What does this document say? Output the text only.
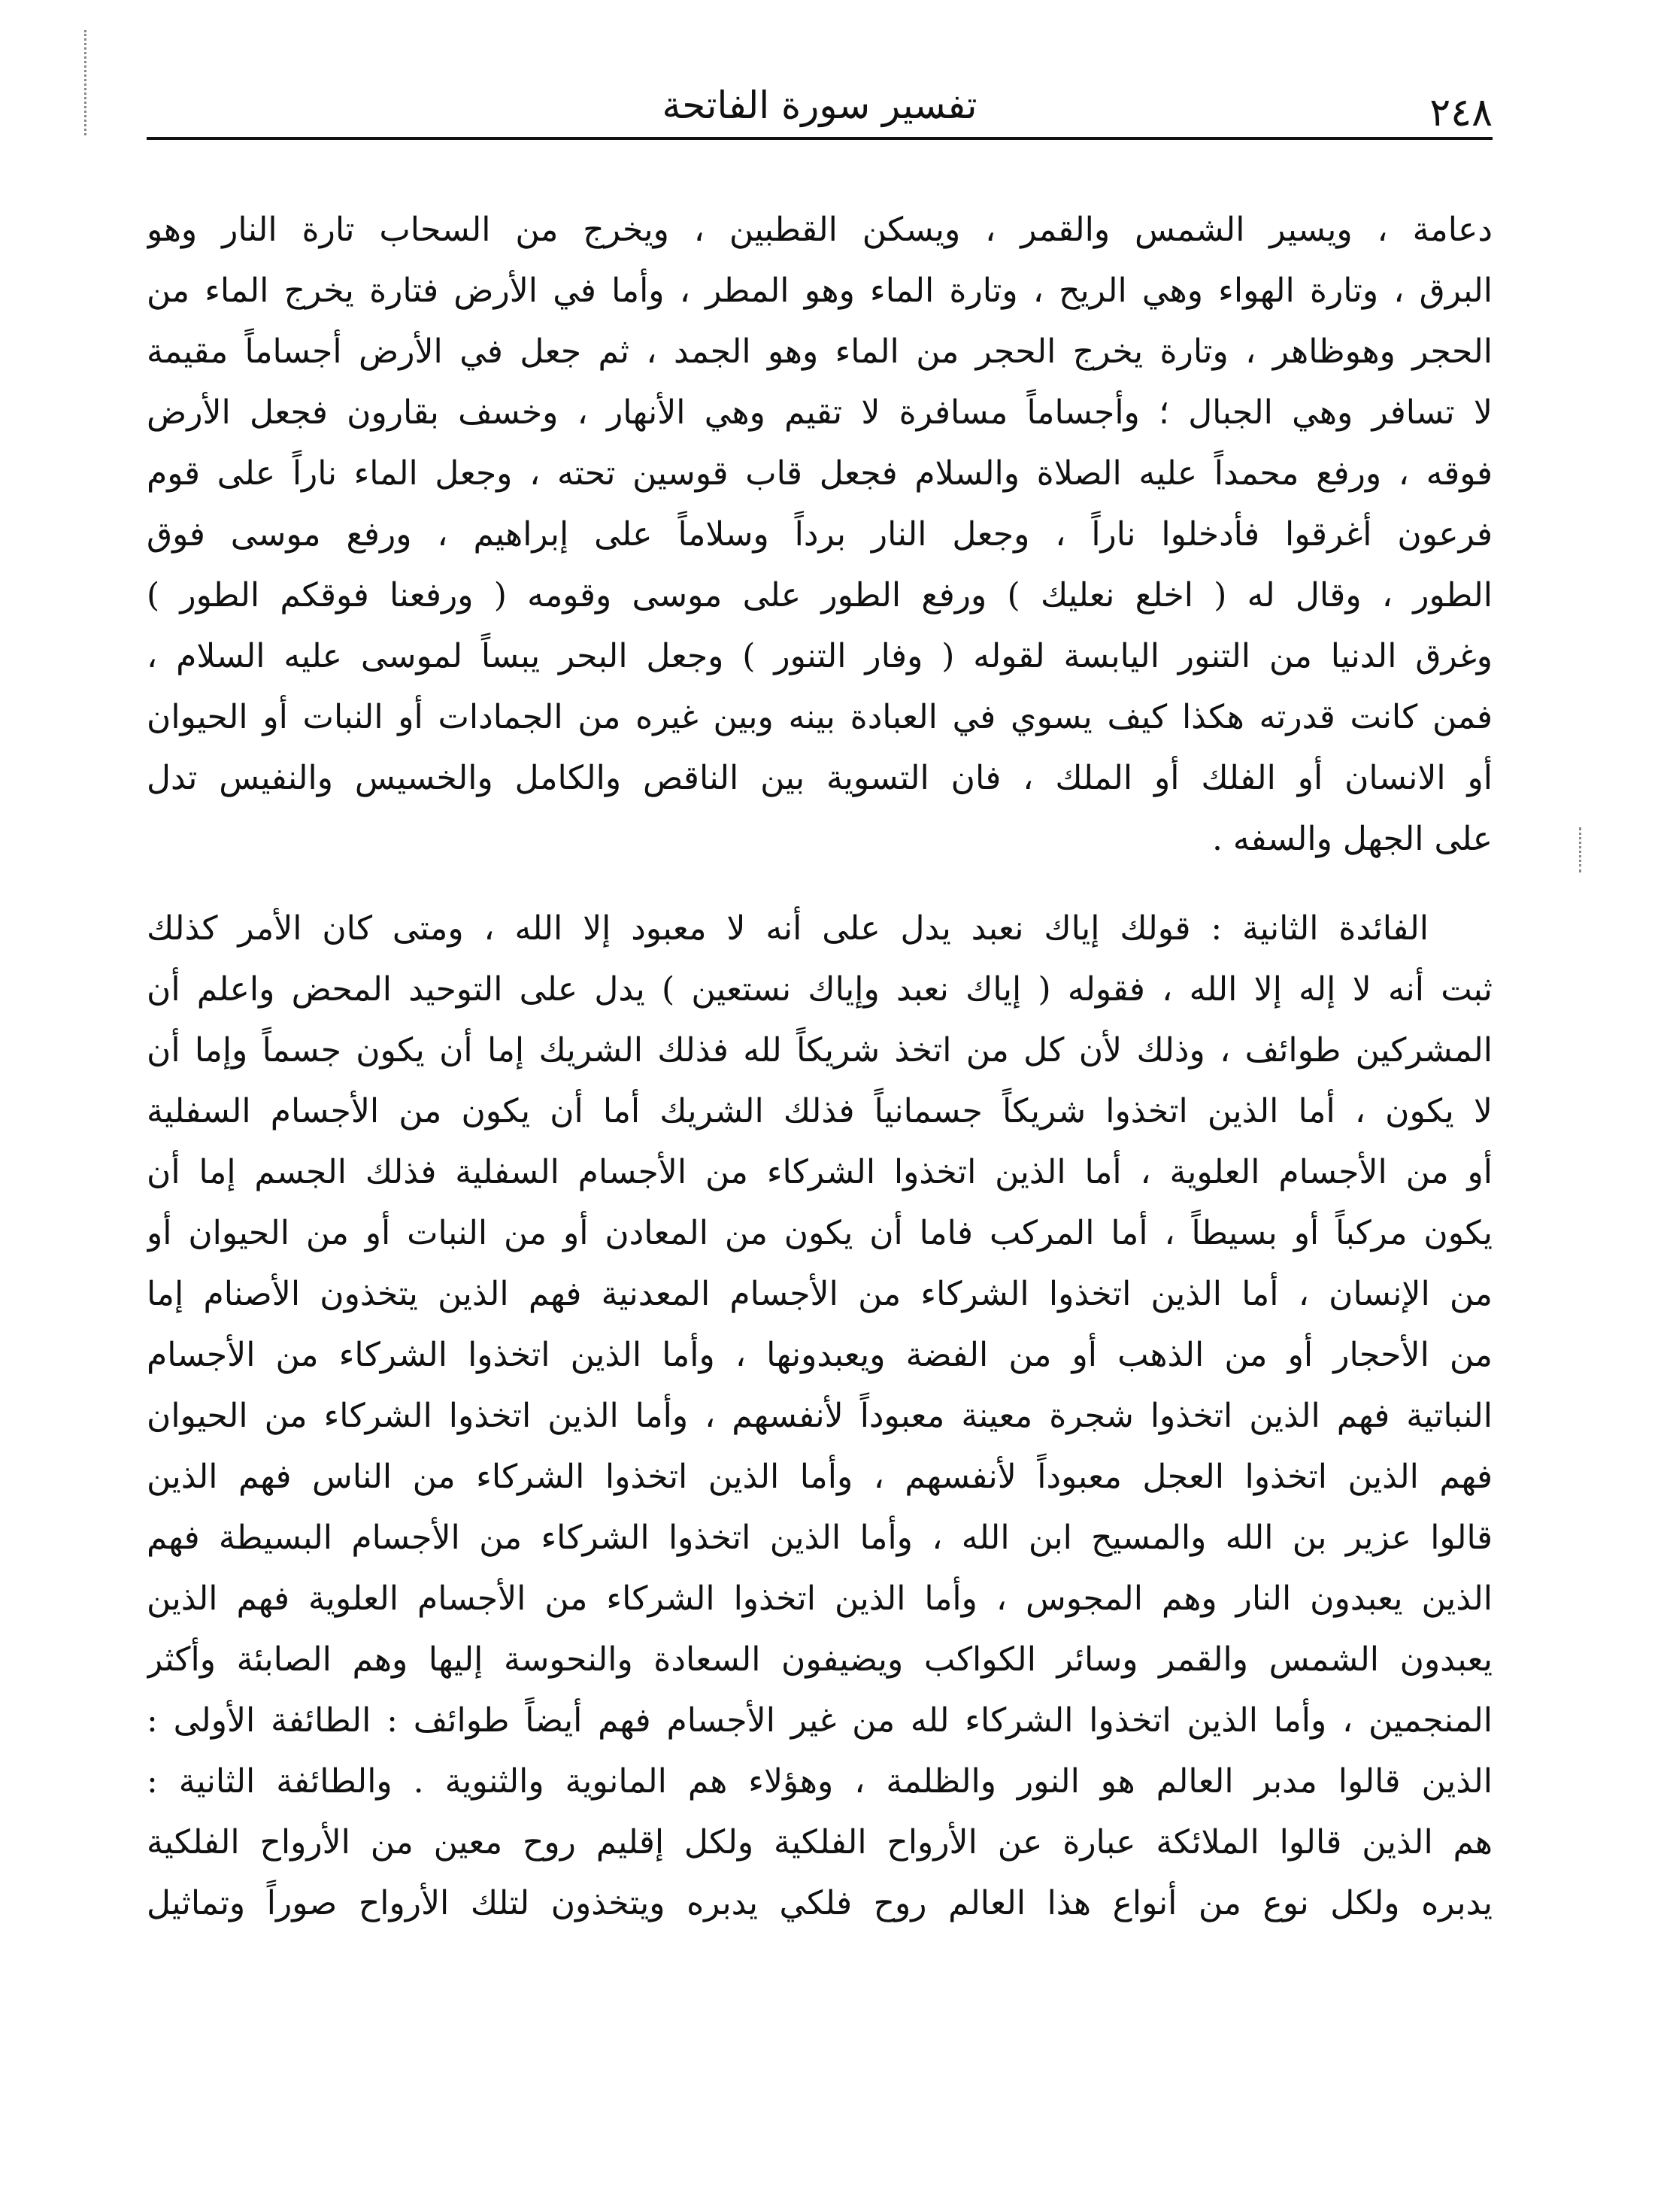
تفسير سورة الفاتحة	٢٤٨
دعامة ، ويسير الشمس والقمر ، ويسكن القطبين ، ويخرج من السحاب تارة النار وهو
البرق ، وتارة الهواء وهي الريح ، وتارة الماء وهو المطر ، وأما في الأرض فتارة يخرج الماء من
الحجر وهوظاهر ، وتارة يخرج الحجر من الماء وهو الجمد ، ثم جعل في الأرض أجساماً مقيمة
لا تسافر وهي الجبال ؛ وأجساماً مسافرة لا تقيم وهي الأنهار ، وخسف بقارون فجعل الأرض
فوقه ، ورفع محمداً عليه الصلاة والسلام فجعل قاب قوسين تحته ، وجعل الماء ناراً على قوم
فرعون أغرقوا فأدخلوا ناراً ، وجعل النار برداً وسلاماً على إبراهيم ، ورفع موسى فوق
الطور ، وقال له ( اخلع نعليك ) ورفع الطور على موسى وقومه ( ورفعنا فوقكم الطور )
وغرق الدنيا من التنور اليابسة لقوله ( وفار التنور ) وجعل البحر يبساً لموسى عليه السلام ،
فمن كانت قدرته هكذا كيف يسوي في العبادة بينه وبين غيره من الجمادات أو النبات أو الحيوان
أو الانسان أو الفلك أو الملك ، فان التسوية بين الناقص والكامل والخسيس والنفيس تدل
على الجهل والسفه .
الفائدة الثانية : قولك إياك نعبد يدل على أنه لا معبود إلا الله ، ومتى كان الأمر كذلك
ثبت أنه لا إله إلا الله ، فقوله ( إياك نعبد وإياك نستعين ) يدل على التوحيد المحض واعلم أن
المشركين طوائف ، وذلك لأن كل من اتخذ شريكاً لله فذلك الشريك إما أن يكون جسماً وإما أن
لا يكون ، أما الذين اتخذوا شريكاً جسمانياً فذلك الشريك أما أن يكون من الأجسام السفلية
أو من الأجسام العلوية ، أما الذين اتخذوا الشركاء من الأجسام السفلية فذلك الجسم إما أن
يكون مركباً أو بسيطاً ، أما المركب فاما أن يكون من المعادن أو من النبات أو من الحيوان أو
من الإنسان ، أما الذين اتخذوا الشركاء من الأجسام المعدنية فهم الذين يتخذون الأصنام إما
من الأحجار أو من الذهب أو من الفضة ويعبدونها ، وأما الذين اتخذوا الشركاء من الأجسام
النباتية فهم الذين اتخذوا شجرة معينة معبوداً لأنفسهم ، وأما الذين اتخذوا الشركاء من الحيوان
فهم الذين اتخذوا العجل معبوداً لأنفسهم ، وأما الذين اتخذوا الشركاء من الناس فهم الذين
قالوا عزير بن الله والمسيح ابن الله ، وأما الذين اتخذوا الشركاء من الأجسام البسيطة فهم
الذين يعبدون النار وهم المجوس ، وأما الذين اتخذوا الشركاء من الأجسام العلوية فهم الذين
يعبدون الشمس والقمر وسائر الكواكب ويضيفون السعادة والنحوسة إليها وهم الصابئة وأكثر
المنجمين ، وأما الذين اتخذوا الشركاء لله من غير الأجسام فهم أيضاً طوائف : الطائفة الأولى :
الذين قالوا مدبر العالم هو النور والظلمة ، وهؤلاء هم المانوية والثنوية . والطائفة الثانية :
هم الذين قالوا الملائكة عبارة عن الأرواح الفلكية ولكل إقليم روح معين من الأرواح الفلكية
يدبره ولكل نوع من أنواع هذا العالم روح فلكي يدبره ويتخذون لتلك الأرواح صوراً وتماثيل
